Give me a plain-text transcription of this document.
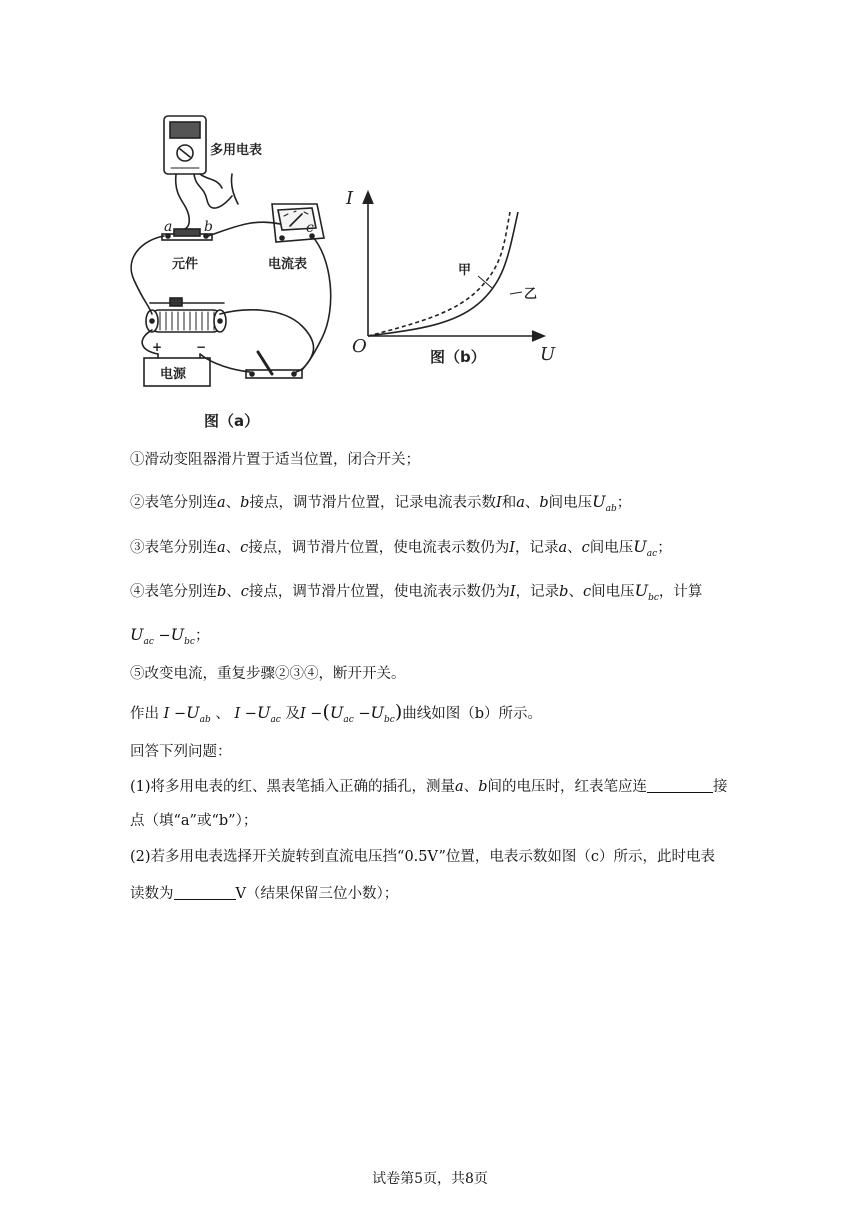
多用电表
元件	电流表
电源
+	−
a b	c
I
U
O
甲
乙
图（b）
图（a）
①滑动变阻器滑片置于适当位置，闭合开关；
②表笔分别连a、b接点，调节滑片位置，记录电流表示数I和a、b间电压$U_{ab}$；
③表笔分别连a、c接点，调节滑片位置，使电流表示数仍为I，记录a、c间电压$U_{ac}$；
④表笔分别连b、c接点，调节滑片位置，使电流表示数仍为I，记录b、c间电压$U_{bc}$，计算
$U_{ac} -U_{bc}$；
⑤改变电流，重复步骤②③④，断开开关。
作出 $I -U_{ab}$ 、 $I -U_{ac}$ 及$I -(U_{ac} -U_{bc})$曲线如图（b）所示。
回答下列问题：
(1)将多用电表的红、黑表笔插入正确的插孔，测量a、b间的电压时，红表笔应连	接
点（填“a”或“b”）；
(2)若多用电表选择开关旋转到直流电压挡“0.5V”位置，电表示数如图（c）所示，此时电表
读数为	V（结果保留三位小数）；
试卷第5页，共8页
